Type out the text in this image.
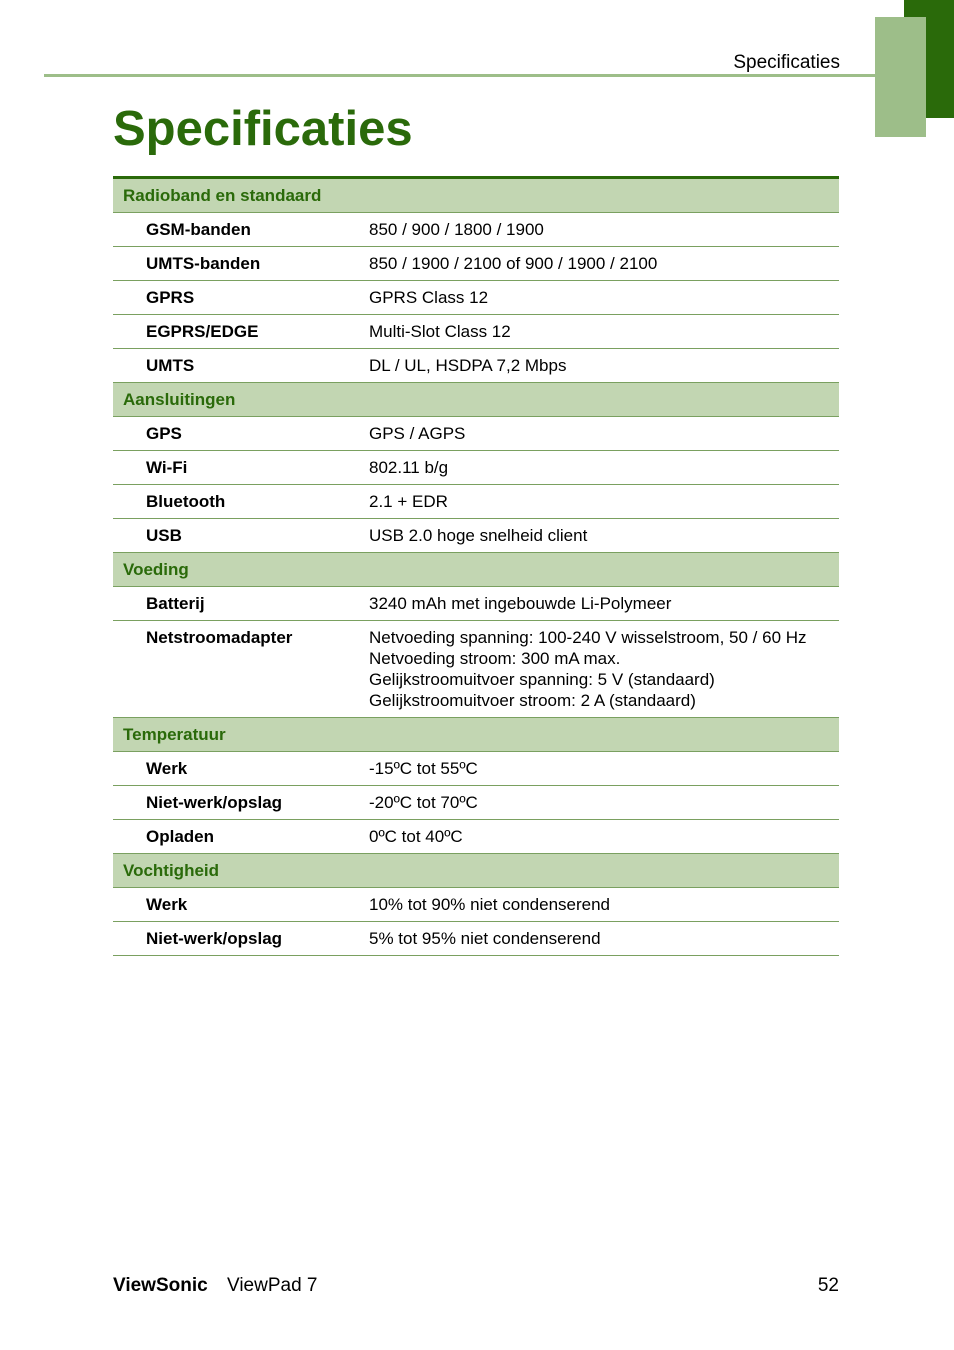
Specificaties
Specificaties
Radioband en standaard	
GSM-banden	850 / 900 / 1800 / 1900
UMTS-banden	850 / 1900 / 2100 of 900 / 1900 / 2100
GPRS	GPRS Class 12
EGPRS/EDGE	Multi-Slot Class 12
UMTS	DL / UL, HSDPA 7,2 Mbps
Aansluitingen	
GPS	GPS / AGPS
Wi-Fi	802.11 b/g
Bluetooth	2.1 + EDR
USB	USB 2.0 hoge snelheid client
Voeding	
Batterij	3240 mAh met ingebouwde Li-Polymeer
Netstroomadapter	Netvoeding spanning: 100-240 V wisselstroom, 50 / 60 Hz
Netvoeding stroom: 300 mA max.
Gelijkstroomuitvoer spanning: 5 V (standaard)
Gelijkstroomuitvoer stroom: 2 A (standaard)

Temperatuur	
Werk	-15ºC tot 55ºC
Niet-werk/opslag	-20ºC tot 70ºC
Opladen	0ºC tot 40ºC
Vochtigheid	
Werk	10% tot 90% niet condenserend
Niet-werk/opslag	5% tot 95% niet condenserend
ViewSonic ViewPad 7	52
